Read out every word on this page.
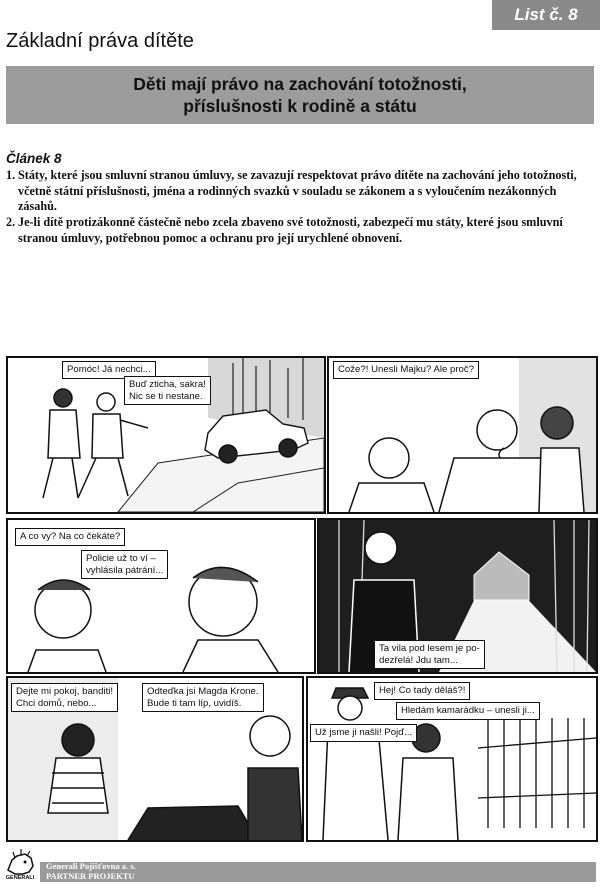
List č. 8
Základní práva dítěte
Děti mají právo na zachování totožnosti,
příslušnosti k rodině a státu
Článek 8
1. Státy, které jsou smluvní stranou úmluvy, se zavazují respektovat právo dítěte na zachování jeho totožnosti, včetně státní příslušnosti, jména a rodinných svazků v souladu se zákonem a s vyloučením nezákonných zásahů.
2. Je-li dítě protizákonně částečně nebo zcela zbaveno své totožnosti, zabezpečí mu státy, které jsou smluvní stranou úmluvy, potřebnou pomoc a ochranu pro její urychlené obnovení.
Pomóc! Já nechci...
Buď zticha, sakra!
Nic se ti nestane.
Cože?! Unesli Majku? Ale proč?
A co vy? Na co čekáte?
Policie už to ví –
vyhlásila pátrání...
Ta vila pod lesem je po-
dezřelá! Jdu tam...
Dejte mi pokoj, banditi!
Chci domů, nebo...
Odteďka jsi Magda Krone.
Bude ti tam líp, uvidíš.
Hej! Co tady děláš?!
Hledám kamarádku – unesli ji...
Už jsme ji našli! Pojď...
GENERALI
Generali Pojišťovna a. s.
PARTNER PROJEKTU
